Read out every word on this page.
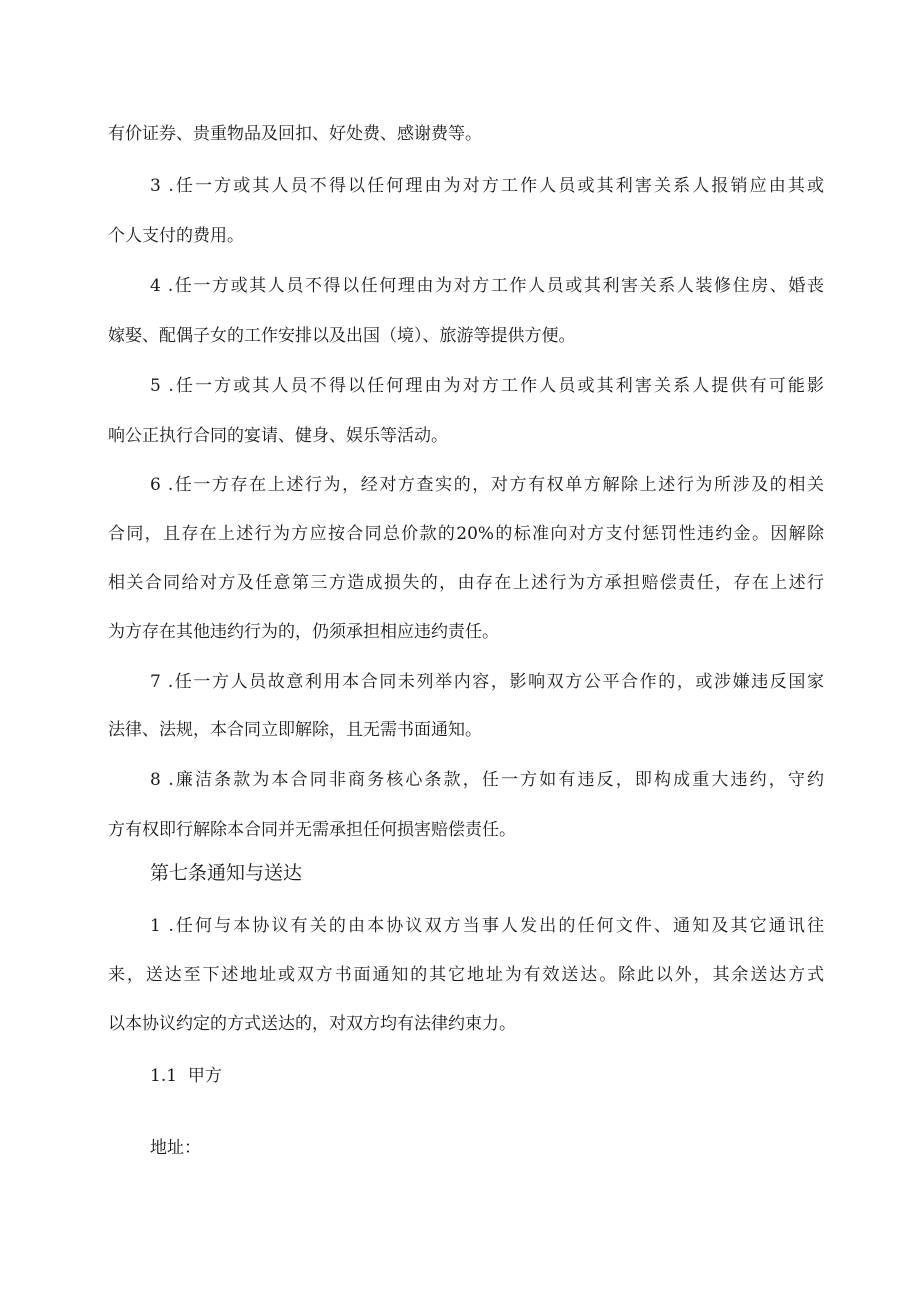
有价证券、贵重物品及回扣、好处费、感谢费等。

3 .任一方或其人员不得以任何理由为对方工作人员或其利害关系人报销应由其或

个人支付的费用。

4 .任一方或其人员不得以任何理由为对方工作人员或其利害关系人装修住房、婚丧

嫁娶、配偶子女的工作安排以及出国（境）、旅游等提供方便。

5 .任一方或其人员不得以任何理由为对方工作人员或其利害关系人提供有可能影

响公正执行合同的宴请、健身、娱乐等活动。

6 .任一方存在上述行为，经对方查实的，对方有权单方解除上述行为所涉及的相关

合同，且存在上述行为方应按合同总价款的20%的标准向对方支付惩罚性违约金。因解除

相关合同给对方及任意第三方造成损失的，由存在上述行为方承担赔偿责任，存在上述行

为方存在其他违约行为的，仍须承担相应违约责任。

7 .任一方人员故意利用本合同未列举内容，影响双方公平合作的，或涉嫌违反国家

法律、法规，本合同立即解除，且无需书面通知。

8 .廉洁条款为本合同非商务核心条款，任一方如有违反，即构成重大违约，守约

方有权即行解除本合同并无需承担任何损害赔偿责任。

第七条通知与送达

1 .任何与本协议有关的由本协议双方当事人发出的任何文件、通知及其它通讯往

来，送达至下述地址或双方书面通知的其它地址为有效送达。除此以外，其余送达方式

以本协议约定的方式送达的，对双方均有法律约束力。

1.1  甲方

地址：
